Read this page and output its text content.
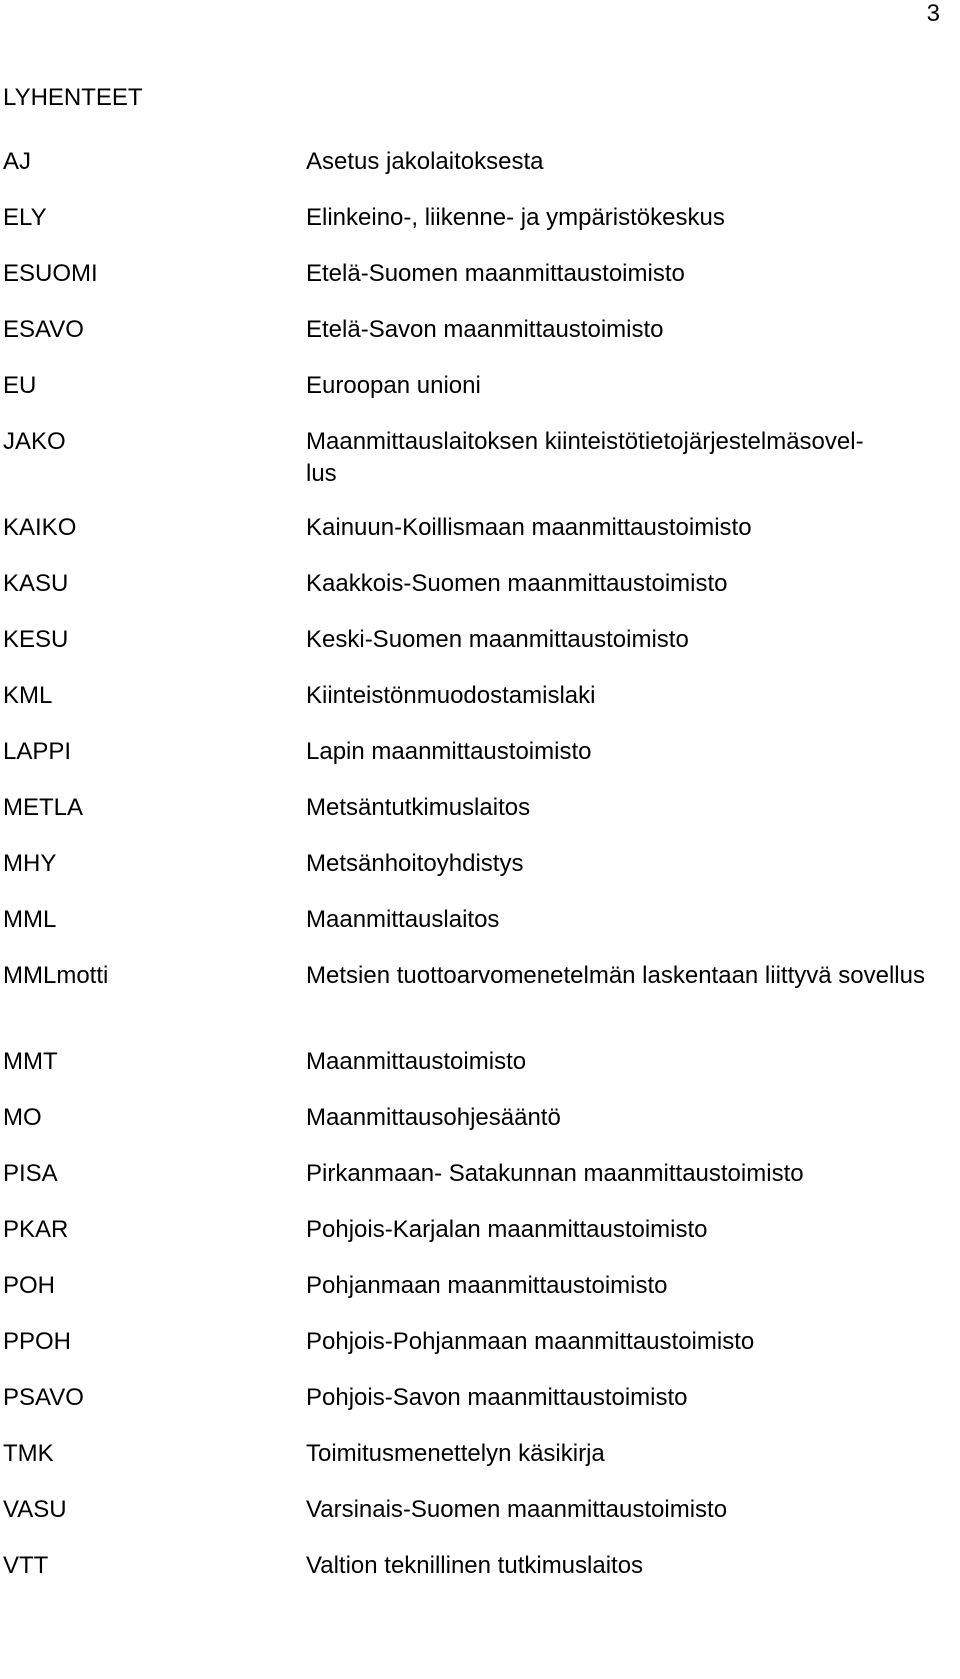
3
LYHENTEET
AJ	Asetus jakolaitoksesta
ELY	Elinkeino-, liikenne- ja ympäristökeskus
ESUOMI	Etelä-Suomen maanmittaustoimisto
ESAVO	Etelä-Savon maanmittaustoimisto
EU	Euroopan unioni
JAKO	Maanmittauslaitoksen kiinteistötietojärjestelmäsovel-
lus
KAIKO	Kainuun-Koillismaan maanmittaustoimisto
KASU	Kaakkois-Suomen maanmittaustoimisto
KESU	Keski-Suomen maanmittaustoimisto
KML	Kiinteistönmuodostamislaki
LAPPI	Lapin maanmittaustoimisto
METLA	Metsäntutkimuslaitos
MHY	Metsänhoitoyhdistys
MML	Maanmittauslaitos
MMLmotti	Metsien tuottoarvomenetelmän laskentaan liittyvä sovellus
MMT	Maanmittaustoimisto
MO	Maanmittausohjesääntö
PISA	Pirkanmaan- Satakunnan maanmittaustoimisto
PKAR	Pohjois-Karjalan maanmittaustoimisto
POH	Pohjanmaan maanmittaustoimisto
PPOH	Pohjois-Pohjanmaan maanmittaustoimisto
PSAVO	Pohjois-Savon maanmittaustoimisto
TMK	Toimitusmenettelyn käsikirja
VASU	Varsinais-Suomen maanmittaustoimisto
VTT	Valtion teknillinen tutkimuslaitos
